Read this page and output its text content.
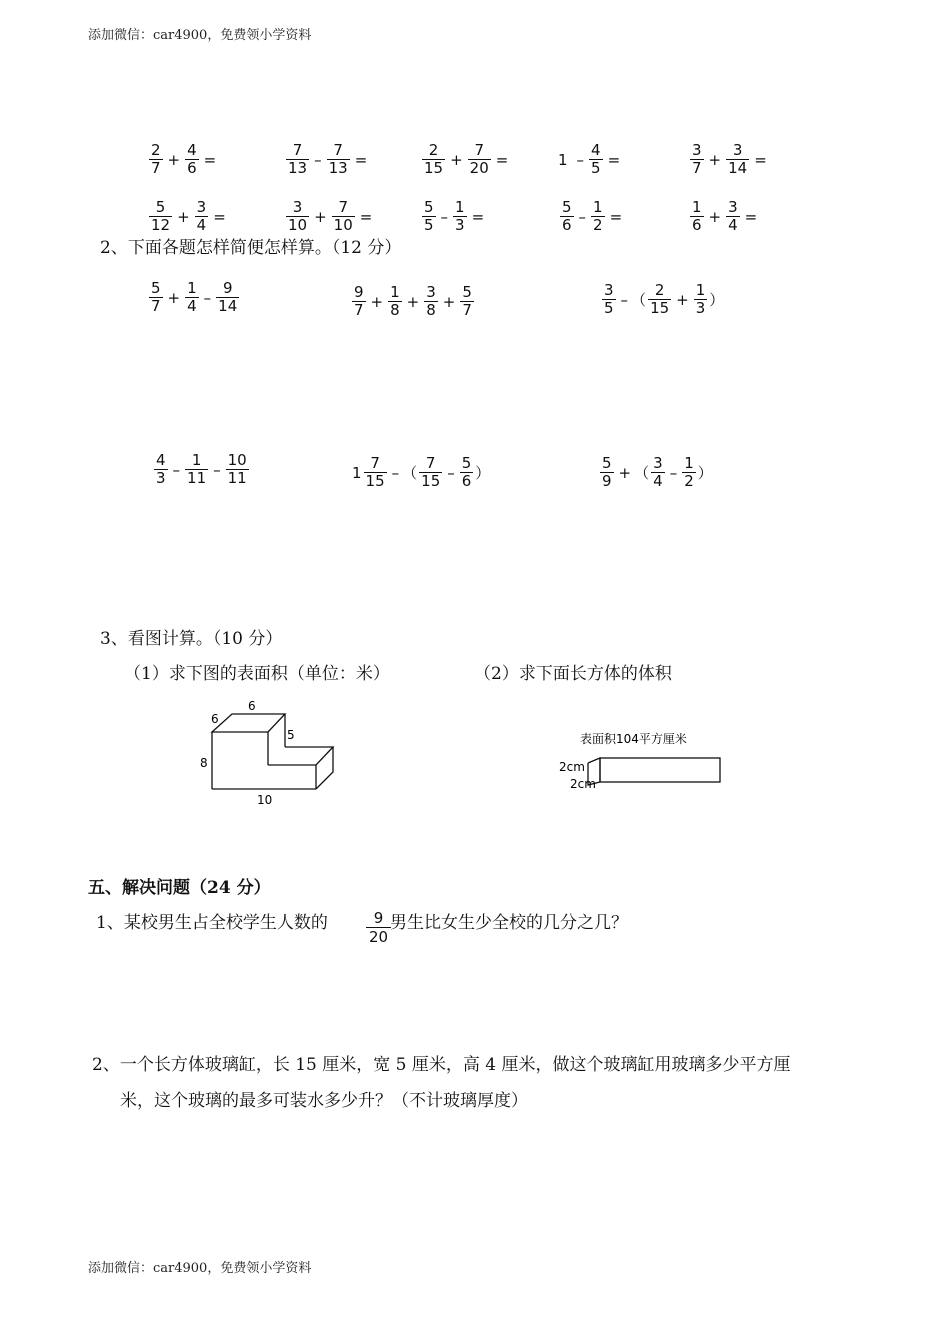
添加微信：car4900，免费领小学资料
添加微信：car4900，免费领小学资料
$\frac{2}{7} + \frac{4}{6}$ =	$\frac{7}{13} - \frac{7}{13}$ =	$\frac{2}{15} + \frac{7}{20}$ =	$1 - \frac{4}{5}$ =	$\frac{3}{7} + \frac{3}{14}$ =
$\frac{5}{12} + \frac{3}{4}$ =	$\frac{3}{10} + \frac{7}{10}$ =	$\frac{5}{5} - \frac{1}{3}$ =	$\frac{5}{6} - \frac{1}{2}$ =	$\frac{1}{6} + \frac{3}{4}$ =
2、下面各题怎样简便怎样算。（12 分）
$\frac{5}{7} + \frac{1}{4} - \frac{9}{14}$	$\frac{9}{7} + \frac{1}{8} + \frac{3}{8} + \frac{5}{7}$	$\frac{3}{5}$ – （ $\frac{2}{15} + \frac{1}{3}$ ）
$\frac{4}{3} - \frac{1}{11} - \frac{10}{11}$	$1 \frac{7}{15}$ – （ $\frac{7}{15} - \frac{5}{6}$ ）	$\frac{5}{9}$ + （ $\frac{3}{4} - \frac{1}{2}$ ）
3、看图计算。（10 分）
（1）求下图的表面积（单位：米）	（2）求下面长方体的体积
6
6
5
8
10
表面积104平方厘米
2cm
2cm
五、解决问题（24 分）
1、某校男生占全校学生人数的	9
20
男生比女生少全校的几分之几？
2、一个长方体玻璃缸，长 15 厘米，宽 5 厘米，高 4 厘米，做这个玻璃缸用玻璃多少平方厘
米，这个玻璃的最多可装水多少升？（不计玻璃厚度）
